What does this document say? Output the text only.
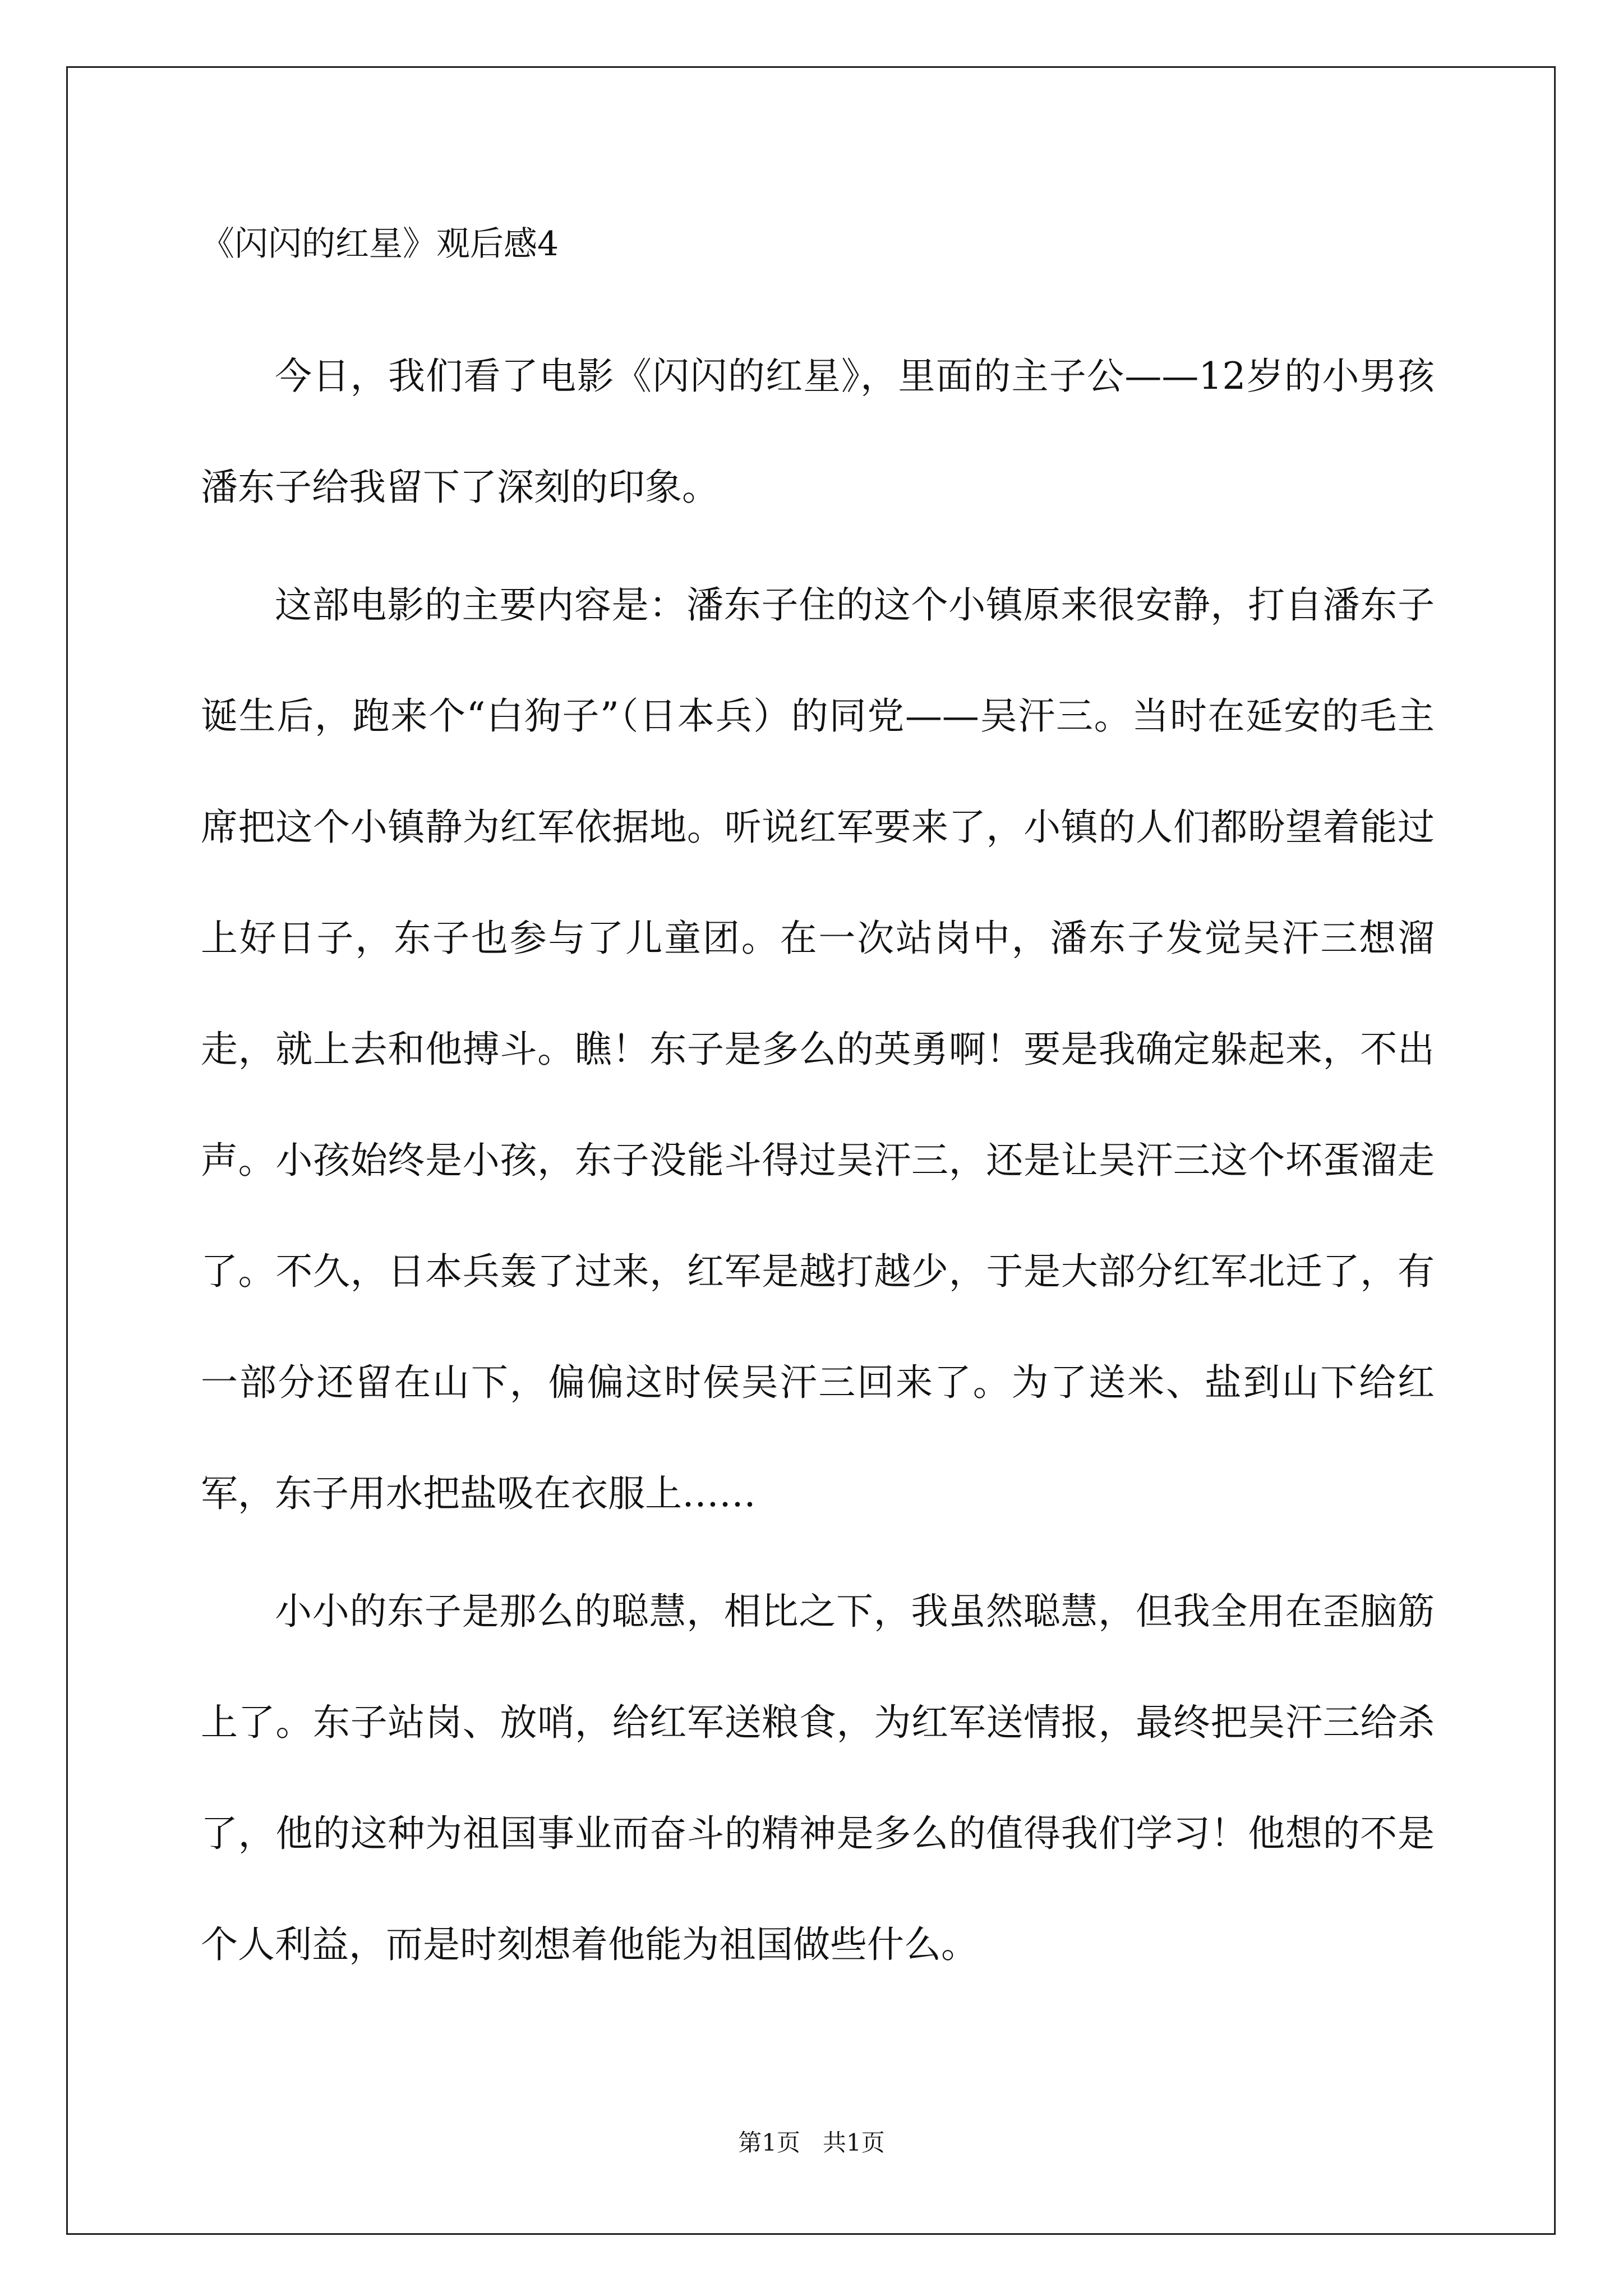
《闪闪的红星》观后感4

今日，我们看了电影《闪闪的红星》，里面的主子公——12岁的小男孩潘东子给我留下了深刻的印象。

这部电影的主要内容是：潘东子住的这个小镇原来很安静，打自潘东子诞生后，跑来个“白狗子”（日本兵）的同党——吴汗三。当时在延安的毛主席把这个小镇静为红军依据地。听说红军要来了，小镇的人们都盼望着能过上好日子，东子也参与了儿童团。在一次站岗中，潘东子发觉吴汗三想溜走，就上去和他搏斗。瞧！东子是多么的英勇啊！要是我确定躲起来，不出声。小孩始终是小孩，东子没能斗得过吴汗三，还是让吴汗三这个坏蛋溜走了。不久，日本兵轰了过来，红军是越打越少，于是大部分红军北迁了，有一部分还留在山下，偏偏这时侯吴汗三回来了。为了送米、盐到山下给红军，东子用水把盐吸在衣服上……

小小的东子是那么的聪慧，相比之下，我虽然聪慧，但我全用在歪脑筋上了。东子站岗、放哨，给红军送粮食，为红军送情报，最终把吴汗三给杀了，他的这种为祖国事业而奋斗的精神是多么的值得我们学习！他想的不是个人利益，而是时刻想着他能为祖国做些什么。

第1页   共1页
